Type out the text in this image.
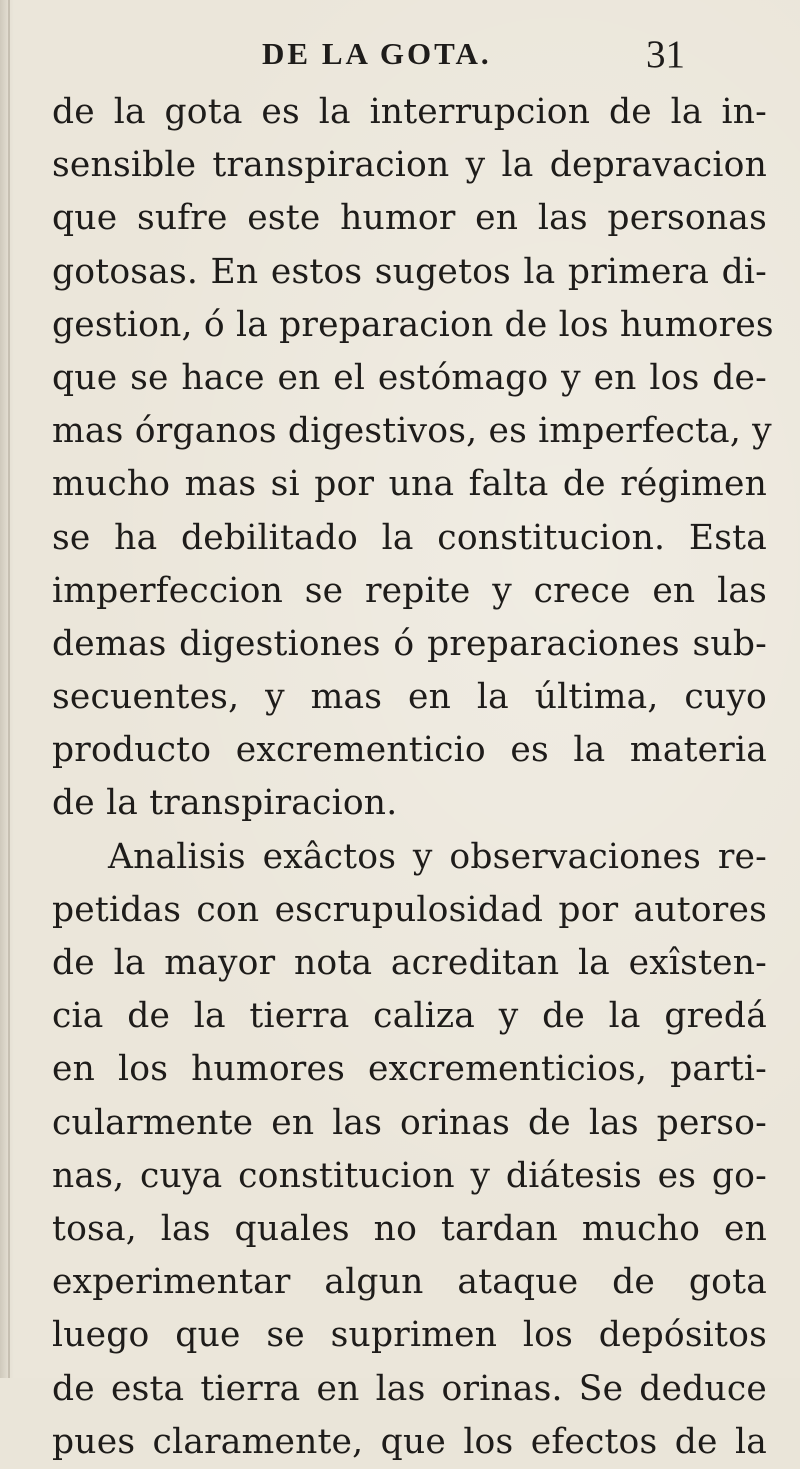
DE LA GOTA.	31
de la gota es la interrupcion de la in-
sensible transpiracion y la depravacion
que sufre este humor en las personas
gotosas. En estos sugetos la primera di-
gestion, ó la preparacion de los humores
que se hace en el estómago y en los de-
mas órganos digestivos, es imperfecta, y
mucho mas si por una falta de régimen
se ha debilitado la constitucion. Esta
imperfeccion se repite y crece en las
demas digestiones ó preparaciones sub-
secuentes, y mas en la última, cuyo
producto excrementicio es la materia
de la transpiracion.
Analisis exâctos y observaciones re-
petidas con escrupulosidad por autores
de la mayor nota acreditan la exîsten-
cia de la tierra caliza y de la gredá
en los humores excrementicios, parti-
cularmente en las orinas de las perso-
nas, cuya constitucion y diátesis es go-
tosa, las quales no tardan mucho en
experimentar algun ataque de gota
luego que se suprimen los depósitos
de esta tierra en las orinas. Se deduce
pues claramente, que los efectos de la
